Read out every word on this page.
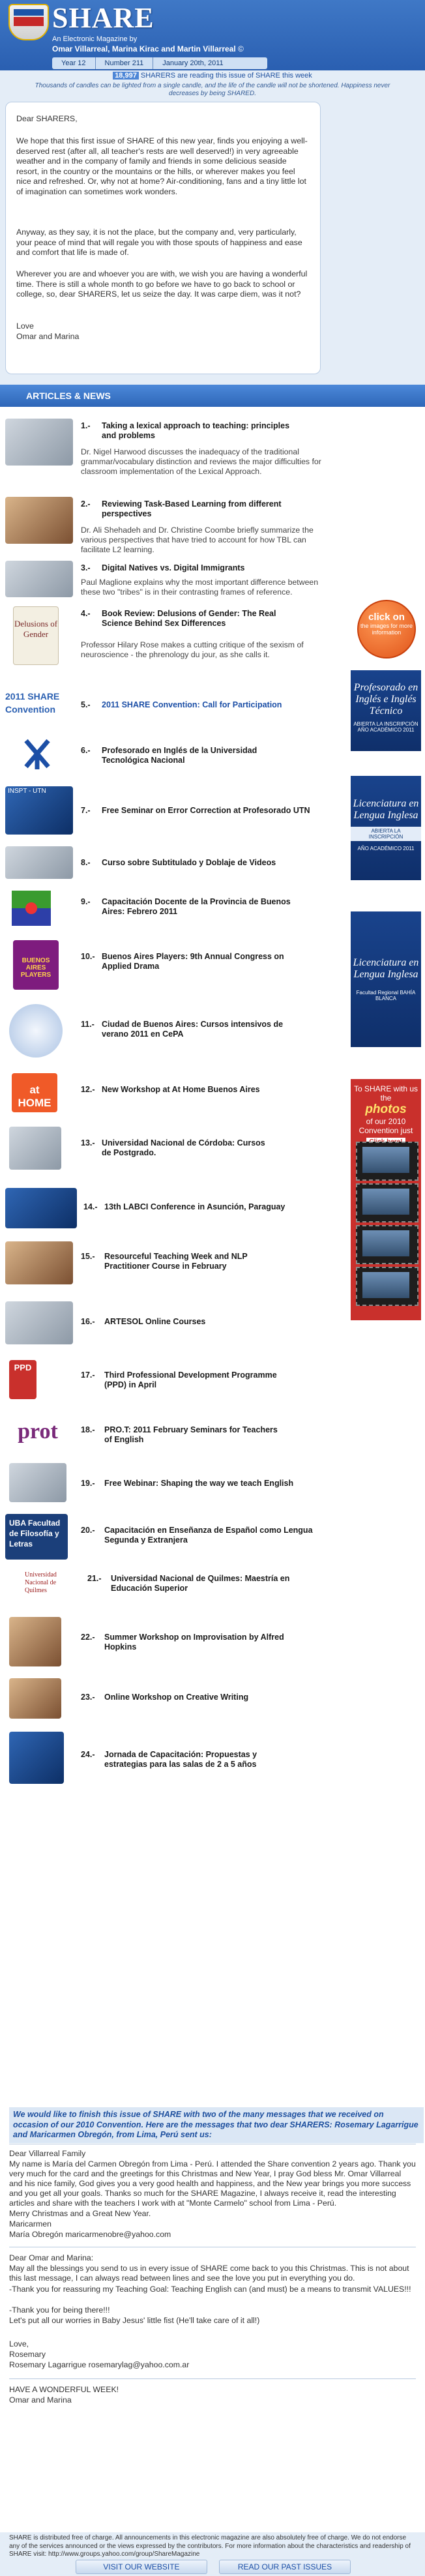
SHARE
An Electronic Magazine by
Omar Villarreal, Marina Kirac and Martin Villarreal ©
Year 12	Number 211	January 20th, 2011
18,997 SHARERS are reading this issue of SHARE this week
Thousands of candles can be lighted from a single candle, and the life of the candle will not be shortened. Happiness never decreases by being SHARED.

Dear SHARERS,

We hope that this first issue of SHARE of this new year, finds you enjoying a well-deserved rest (after all, all teacher's rests are well deserved!) in very agreeable weather and in the company of family and friends in some delicious seaside resort, in the country or the mountains or the hills, or wherever makes you feel nice and refreshed. Or, why not at home? Air-conditioning, fans and a tiny little lot of imagination can sometimes work wonders.

Anyway, as they say, it is not the place, but the company and, very particularly, your peace of mind that will regale you with those spouts of happiness and ease and comfort that life is made of.

Wherever you are and whoever you are with, we wish you are having a wonderful time. There is still a whole month to go before we have to go back to school or college, so, dear SHARERS, let us seize the day. It was carpe diem, was it not?

Love

Omar and Marina

ARTICLES & NEWS
1.- Taking a lexical approach to teaching: principles and problems
Dr. Nigel Harwood discusses the inadequacy of the traditional grammar/vocabulary distinction and reviews the major difficulties for classroom implementation of the Lexical Approach.
2.- Reviewing Task-Based Learning from different perspectives
Dr. Ali Shehadeh and Dr. Christine Coombe briefly summarize the various perspectives that have tried to account for how TBL can facilitate L2 learning.
3.- Digital Natives vs. Digital Immigrants
Paul Maglione explains why the most important difference between these two "tribes" is in their contrasting frames of reference.
Delusions of Gender
4.- Book Review: Delusions of Gender: The Real Science Behind Sex Differences
Professor Hilary Rose makes a cutting critique of the sexism of neuroscience - the phrenology du jour, as she calls it.
2011 SHARE Convention	5.- 2011 SHARE Convention: Call for Participation
6.- Profesorado en Inglés de la Universidad Tecnológica Nacional
INSPT - UTN
7.- Free Seminar on Error Correction at Profesorado UTN
8.- Curso sobre Subtitulado y Doblaje de Videos
9.- Capacitación Docente de la Provincia de Buenos Aires: Febrero 2011
BUENOS AIRES PLAYERS
10.- Buenos Aires Players: 9th Annual Congress on Applied Drama
11.- Ciudad de Buenos Aires: Cursos intensivos de verano 2011 en CePA
at HOME
12.- New Workshop at At Home Buenos Aires
13.- Universidad Nacional de Córdoba: Cursos de Postgrado.
14.- 13th LABCI Conference in Asunción, Paraguay
15.- Resourceful Teaching Week and NLP Practitioner Course in February
16.- ARTESOL Online Courses
PPD
17.- Third Professional Development Programme (PPD) in April
prot	18.- PRO.T: 2011 February Seminars for Teachers of English
19.- Free Webinar: Shaping the way we teach English
UBA Facultad de Filosofía y Letras
20.- Capacitación en Enseñanza de Español como Lengua Segunda y Extranjera
Universidad Nacional de Quilmes
21.- Universidad Nacional de Quilmes: Maestría en Educación Superior
22.- Summer Workshop on Improvisation by Alfred Hopkins
23.- Online Workshop on Creative Writing
24.- Jornada de Capacitación: Propuestas y estrategias para las salas de 2 a 5 años
click on
the images for more information
Profesorado en Inglés e Inglés Técnico
ABIERTA LA INSCRIPCIÓN AÑO ACADÉMICO 2011
Licenciatura en Lengua Inglesa
ABIERTA LA INSCRIPCIÓN
AÑO ACADÉMICO 2011
Licenciatura en Lengua Inglesa
Facultad Regional BAHÍA BLANCA
To SHARE with us the
photos
of our 2010 Convention just
We would like to finish this issue of SHARE with two of the many messages that we received on occasion of our 2010 Convention. Here are the messages that two dear SHARERS: Rosemary Lagarrigue and Maricarmen Obregón, from Lima, Perú sent us:

Dear Villarreal Family

My name is María del Carmen Obregón from Lima - Perú. I attended the Share convention 2 years ago. Thank you very much for the card and the greetings for this Christmas and New Year, I pray God bless Mr. Omar Villarreal and his nice family, God gives you a very good health and happiness, and the New year brings you more success and you get all your goals. Thanks so much for the SHARE Magazine, I always receive it, read the interesting articles and share with the teachers I work with at "Monte Carmelo" school from Lima - Perú.

Merry Christmas and a Great New Year.

Maricarmen

María Obregón maricarmenobre@yahoo.com

Dear Omar and Marina:

May all the blessings you send to us in every issue of SHARE come back to you this Christmas. This is not about this last message, I can always read between lines and see the love you put in everything you do.

-Thank you for reassuring my Teaching Goal: Teaching English can (and must) be a means to transmit VALUES!!!

-Thank you for being there!!!

Let's put all our worries in Baby Jesus' little fist (He'll take care of it all!)

Love,

Rosemary

Rosemary Lagarrigue rosemarylag@yahoo.com.ar

HAVE A WONDERFUL WEEK!

Omar and Marina

SHARE is distributed free of charge. All announcements in this electronic magazine are also absolutely free of charge. We do not endorse any of the services announced or the views expressed by the contributors. For more information about the characteristics and readership of SHARE visit: http://www.groups.yahoo.com/group/ShareMagazine
VISIT OUR WEBSITE	READ OUR PAST ISSUES
